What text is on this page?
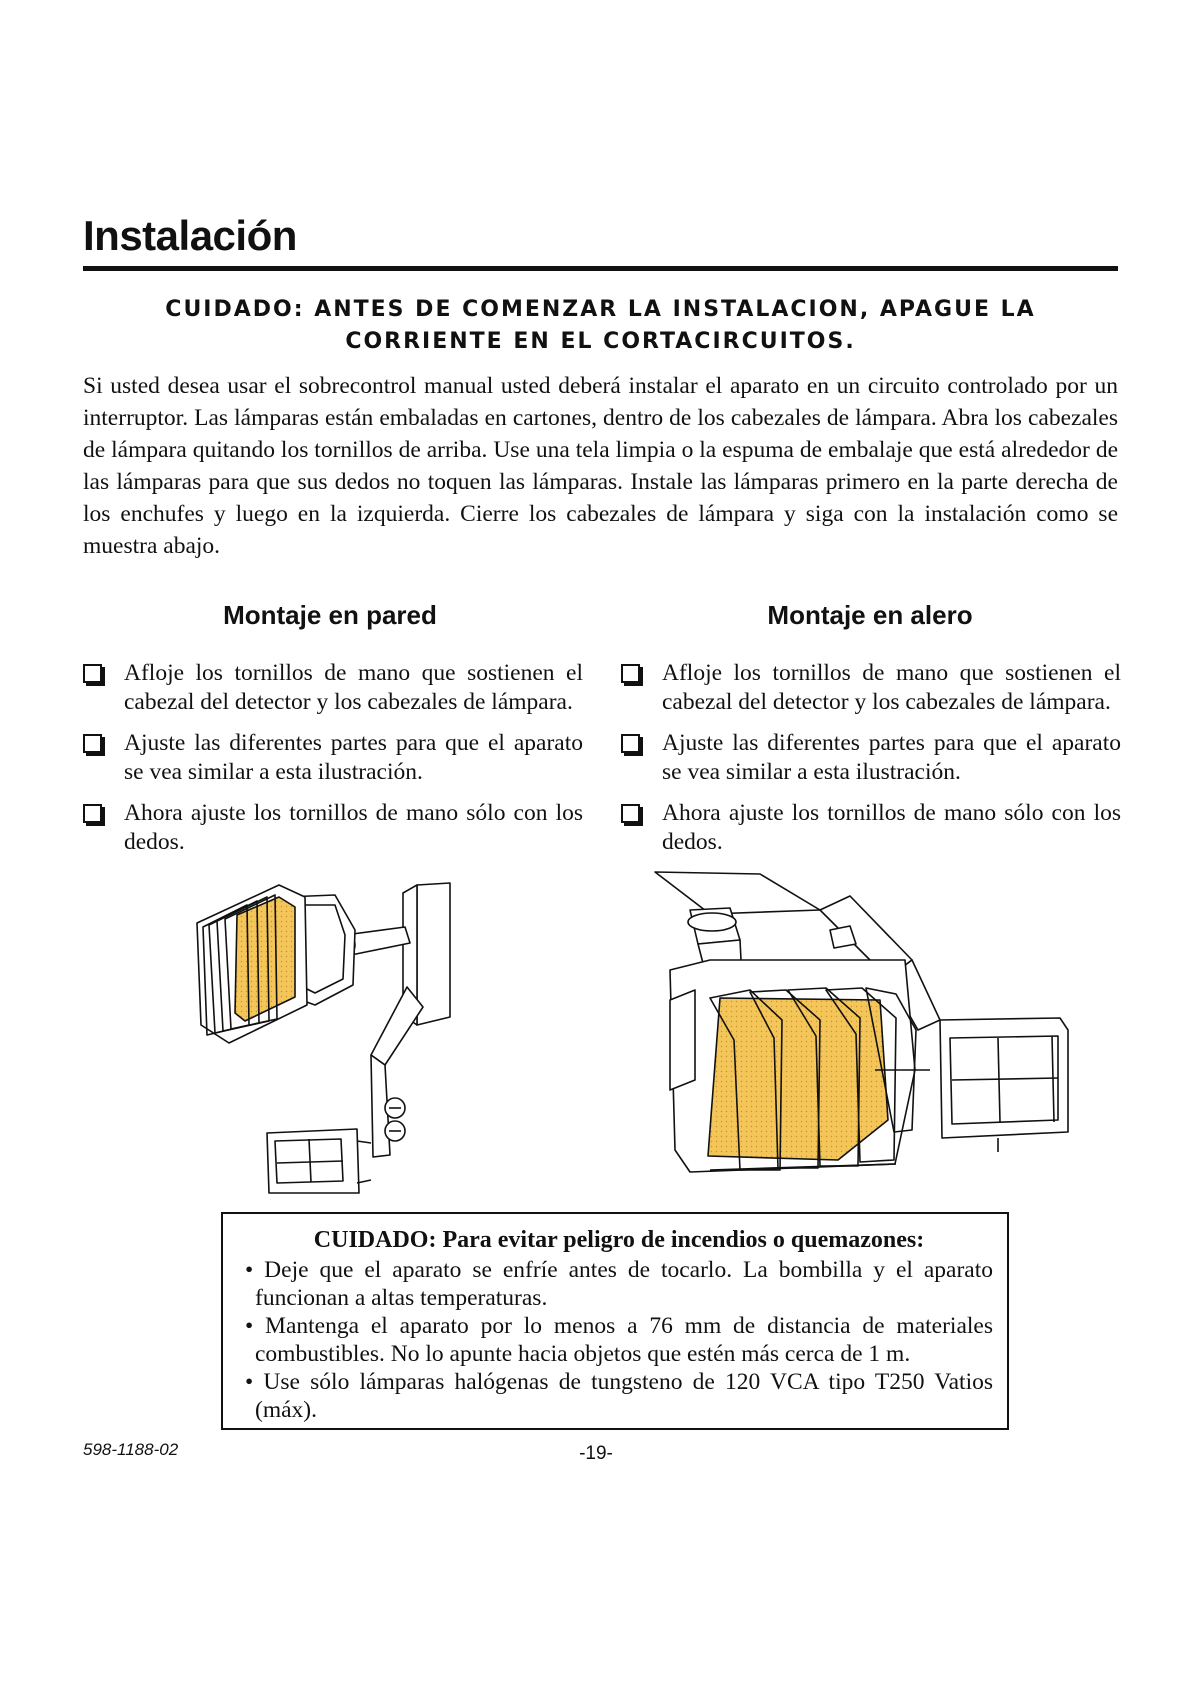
Instalación
CUIDADO: ANTES DE COMENZAR LA INSTALACION, APAGUE LA CORRIENTE EN EL CORTACIRCUITOS.

Si usted desea usar el sobrecontrol manual usted deberá instalar el aparato en un circuito controlado por un interruptor. Las lámparas están embaladas en cartones, dentro de los cabezales de lámpara. Abra los cabezales de lámpara quitando los tornillos de arriba. Use una tela limpia o la espuma de embalaje que está alrededor de las lámparas para que sus dedos no toquen las lámparas. Instale las lámparas primero en la parte derecha de los enchufes y luego en la izquierda. Cierre los cabezales de lámpara y siga con la instalación como se muestra abajo.

Montaje en pared	Montaje en alero
Afloje los tornillos de mano que sostienen el cabezal del detector y los cabezales de lámpara.
Ajuste las diferentes partes para que el aparato se vea similar a esta ilustración.
Ahora ajuste los tornillos de mano sólo con los dedos.
Afloje los tornillos de mano que sostienen el cabezal del detector y los cabezales de lámpara.
Ajuste las diferentes partes para que el aparato se vea similar a esta ilustración.
Ahora ajuste los tornillos de mano sólo con los dedos.

CUIDADO: Para evitar peligro de incendios o quemazones:

• Deje que el aparato se enfríe antes de tocarlo. La bombilla y el aparato funcionan a altas temperaturas.
• Mantenga el aparato por lo menos a 76 mm de distancia de materiales combustibles. No lo apunte hacia objetos que estén más cerca de 1 m.
• Use sólo lámparas halógenas de tungsteno de 120 VCA tipo T250 Vatios (máx).
598-1188-02	-19-
